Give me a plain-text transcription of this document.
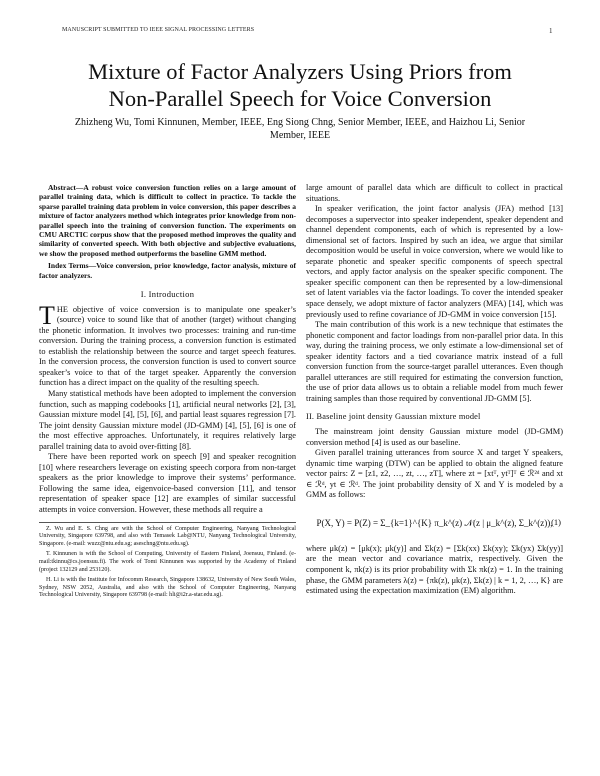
MANUSCRIPT SUBMITTED TO IEEE SIGNAL PROCESSING LETTERS	1
Mixture of Factor Analyzers Using Priors from
Non-Parallel Speech for Voice Conversion
Zhizheng Wu, Tomi Kinnunen, Member, IEEE, Eng Siong Chng, Senior Member, IEEE, and Haizhou Li, Senior Member, IEEE

Abstract—A robust voice conversion function relies on a large amount of parallel training data, which is difficult to collect in practice. To tackle the sparse parallel training data problem in voice conversion, this paper describes a mixture of factor analyzers method which integrates prior knowledge from non-parallel speech into the training of conversion function. The experiments on CMU ARCTIC corpus show that the proposed method improves the quality and similarity of converted speech. With both objective and subjective evaluations, we show the proposed method outperforms the baseline GMM method.

Index Terms—Voice conversion, prior knowledge, factor analysis, mixture of factor analyzers.

I. Introduction

THE objective of voice conversion is to manipulate one speaker’s (source) voice to sound like that of another (target) without changing the phonetic information. It involves two processes: training and run-time conversion. During the training process, a conversion function is estimated to establish the relationship between the source and target speech features. In the conversion process, the conversion function is used to convert source speaker’s voice to that of the target speaker. Apparently the conversion function has a direct impact on the quality of the resulting speech.

Many statistical methods have been adopted to implement the conversion function, such as mapping codebooks [1], artificial neural networks [2], [3], Gaussian mixture model [4], [5], [6], and partial least squares regression [7]. The joint density Gaussian mixture model (JD-GMM) [4], [5], [6] is one of the most effective approaches. Unfortunately, it requires relatively large parallel training data to avoid over-fitting [8].

There have been reported work on speech [9] and speaker recognition [10] where researchers leverage on existing speech corpora from non-target speakers as the prior knowledge to improve their systems’ performance. Following the same idea, eigenvoice-based conversion [11], and tensor representation of speaker space [12] are examples of similar successful attempts in voice conversion. However, these methods all require a

Z. Wu and E. S. Chng are with the School of Computer Engineering, Nanyang Technological University, Singapore 639798, and also with Temasek Lab@NTU, Nanyang Technological University, Singapore. (e-mail: wuzz@ntu.edu.sg; aseschng@ntu.edu.sg).

T. Kinnunen is with the School of Computing, University of Eastern Finland, Joensuu, Finland. (e-mail:tkinnu@cs.joensuu.fi). The work of Tomi Kinnunen was supported by the Academy of Finland (project 132129 and 253120).

H. Li is with the Institute for Infocomm Research, Singapore 138632, University of New South Wales, Sydney, NSW 2052, Australia, and also with the School of Computer Engineering, Nanyang Technological University, Singapore 639798 (e-mail: hli@i2r.a-star.edu.sg).

large amount of parallel data which are difficult to collect in practical situations.

In speaker verification, the joint factor analysis (JFA) method [13] decomposes a supervector into speaker independent, speaker dependent and channel dependent components, each of which is represented by a low-dimensional set of factors. Inspired by such an idea, we argue that similar decomposition would be useful in voice conversion, where we would like to separate phonetic and speaker specific components of speech spectral vectors, and apply factor analysis on the speaker specific component. The speaker specific component can then be represented by a low-dimensional set of latent variables via the factor loadings. To cover the intended speaker space densely, we adopt mixture of factor analyzers (MFA) [14], which was previously used to refine covariance of JD-GMM in voice conversion [15].

The main contribution of this work is a new technique that estimates the phonetic component and factor loadings from non-parallel prior data. In this way, during the training process, we only estimate a low-dimensional set of speaker identity factors and a tied covariance matrix instead of a full conversion function from the source-target parallel utterances. Even though parallel utterances are still required for estimating the conversion function, the use of prior data allows us to obtain a reliable model from much fewer training samples than those required by conventional JD-GMM [5].

II. Baseline joint density Gaussian mixture model

The mainstream joint density Gaussian mixture model (JD-GMM) conversion method [4] is used as our baseline.

Given parallel training utterances from source X and target Y speakers, dynamic time warping (DTW) can be applied to obtain the aligned feature vector pairs: Z = [z1, z2, …, zt, …, zT], where zt = [xtᵀ, ytᵀ]ᵀ ∈ ℛ²ᵈ and xt ∈ ℛᵈ, yt ∈ ℛᵈ. The joint probability density of X and Y is modeled by a GMM as follows:

P(X, Y) = P(Z) = Σ_{k=1}^{K} π_k^(z) 𝒩(z | μ_k^(z), Σ_k^(z)),
(1)

where μk(z) = [μk(x); μk(y)] and Σk(z) = [Σk(xx) Σk(xy); Σk(yx) Σk(yy)] are the mean vector and covariance matrix, respectively. Given the component k, πk(z) is its prior probability with Σk πk(z) = 1. In the training phase, the GMM parameters λ(z) = {πk(z), μk(z), Σk(z) | k = 1, 2, …, K} are estimated using the expectation maximization (EM) algorithm.
